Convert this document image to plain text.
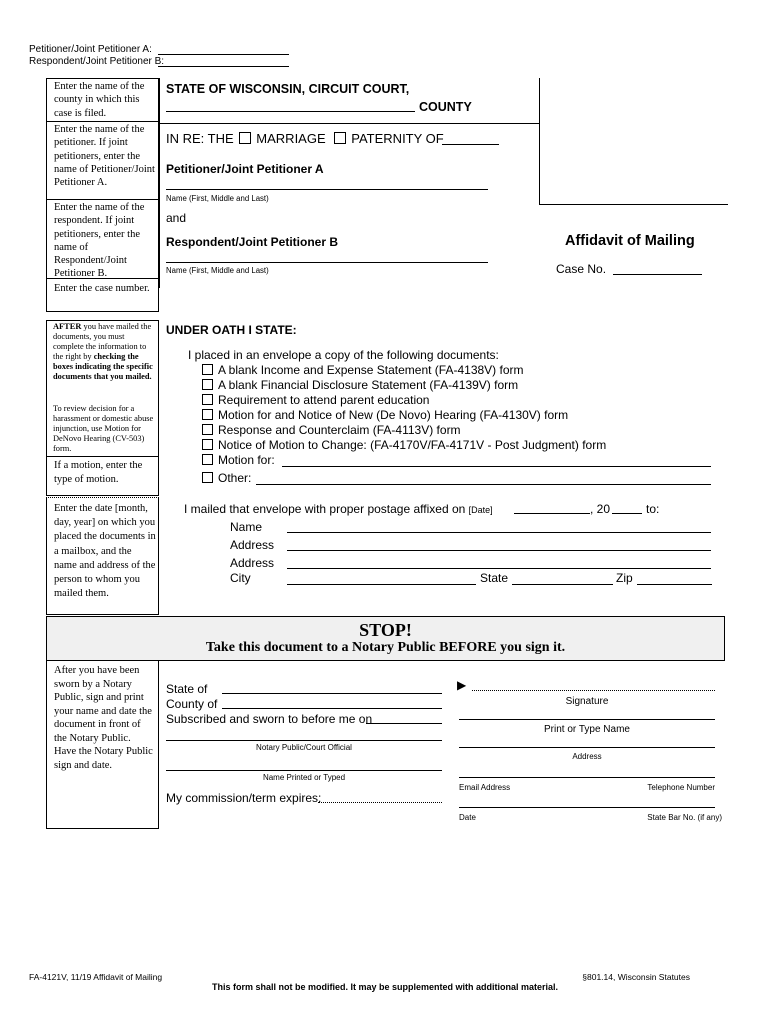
Petitioner/Joint Petitioner A:
Respondent/Joint Petitioner B:
Enter the name of the county in which this case is filed.
Enter the name of the petitioner. If joint petitioners, enter the name of Petitioner/Joint Petitioner A.
Enter the name of the respondent. If joint petitioners, enter the name of Respondent/Joint Petitioner B.
Enter the case number.
STATE OF WISCONSIN, CIRCUIT COURT,
COUNTY
IN RE: THE MARRIAGE PATERNITY OF
Petitioner/Joint Petitioner A
Name (First, Middle and Last)
and
Respondent/Joint Petitioner B
Name (First, Middle and Last)
Affidavit of Mailing
Case No.
AFTER you have mailed the documents, you must complete the information to the right by checking the boxes indicating the specific documents that you mailed.
To review decision for a harassment or domestic abuse injunction, use Motion for DeNovo Hearing (CV-503) form.
If a motion, enter the type of motion.
UNDER OATH I STATE:
I placed in an envelope a copy of the following documents:
A blank Income and Expense Statement (FA-4138V) form
A blank Financial Disclosure Statement (FA-4139V) form
Requirement to attend parent education
Motion for and Notice of New (De Novo) Hearing (FA-4130V) form
Response and Counterclaim (FA-4113V) form
Notice of Motion to Change: (FA-4170V/FA-4171V - Post Judgment) form
Motion for:
Other:
Enter the date [month, day, year] on which you placed the documents in a mailbox, and the name and address of the person to whom you mailed them.
I mailed that envelope with proper postage affixed on [Date]	, 20	to:
Name
Address
Address
City	State	Zip
STOP!
Take this document to a Notary Public BEFORE you sign it.
After you have been sworn by a Notary Public, sign and print your name and date the document in front of the Notary Public. Have the Notary Public sign and date.
State of
County of
Subscribed and sworn to before me on
Notary Public/Court Official
Name Printed or Typed
My commission/term expires:
▶
Signature
Print or Type Name
Address
Email Address	Telephone Number
Date	State Bar No. (if any)
FA-4121V, 11/19 Affidavit of Mailing	§801.14, Wisconsin Statutes
This form shall not be modified. It may be supplemented with additional material.
